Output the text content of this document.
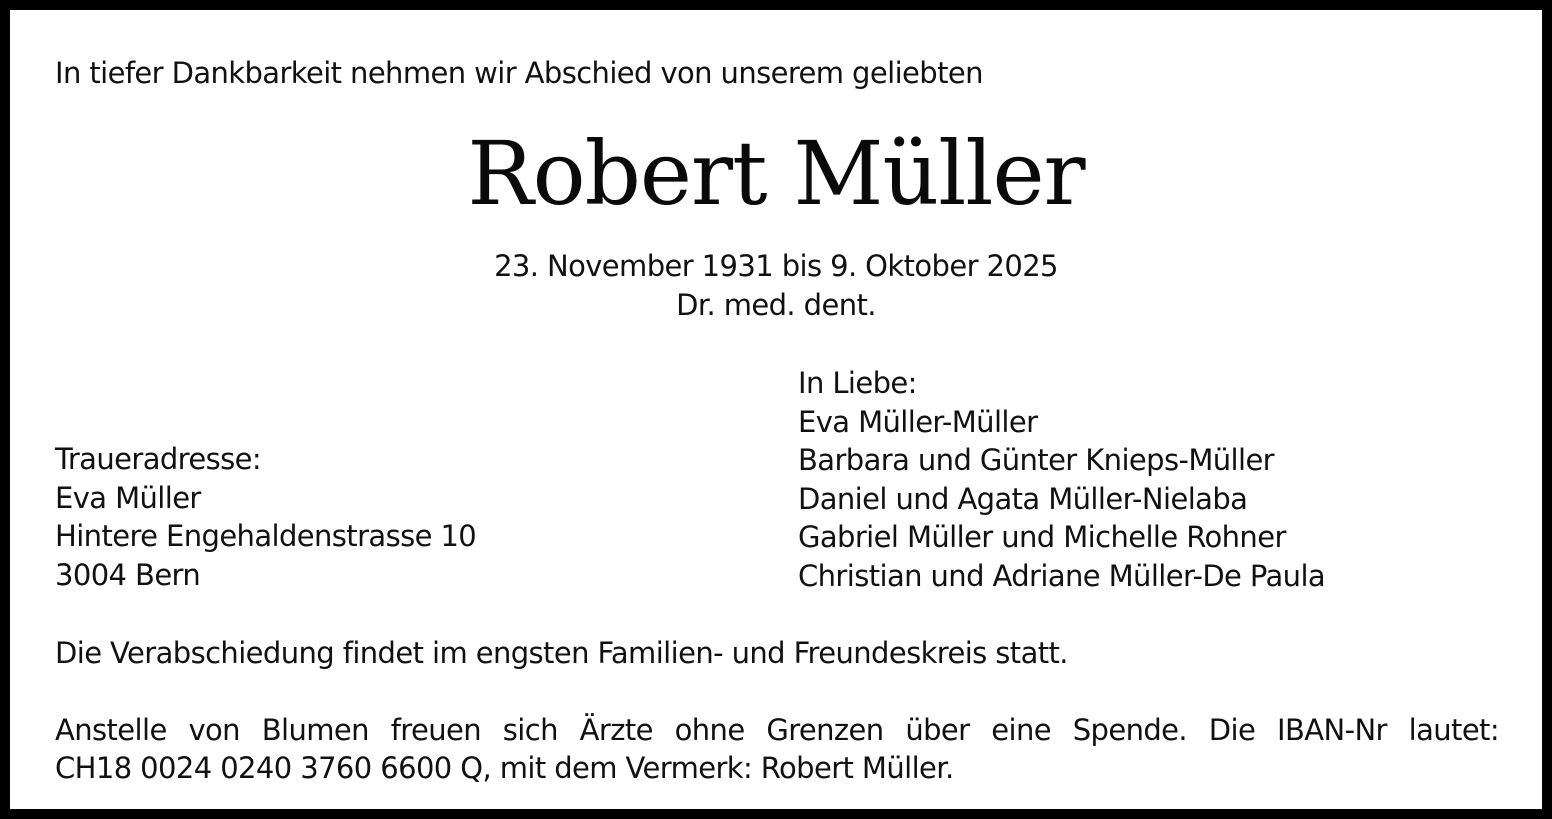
In tiefer Dankbarkeit nehmen wir Abschied von unserem geliebten
Robert Müller
23. November 1931 bis 9. Oktober 2025
Dr. med. dent.
Traueradresse:
Eva Müller
Hintere Engehaldenstrasse 10
3004 Bern
In Liebe:
Eva Müller-Müller
Barbara und Günter Knieps-Müller
Daniel und Agata Müller-Nielaba
Gabriel Müller und Michelle Rohner
Christian und Adriane Müller-De Paula
Die Verabschiedung findet im engsten Familien- und Freundeskreis statt.
Anstelle von Blumen freuen sich Ärzte ohne Grenzen über eine Spende. Die IBAN-Nr lautet:
CH18 0024 0240 3760 6600 Q, mit dem Vermerk: Robert Müller.
